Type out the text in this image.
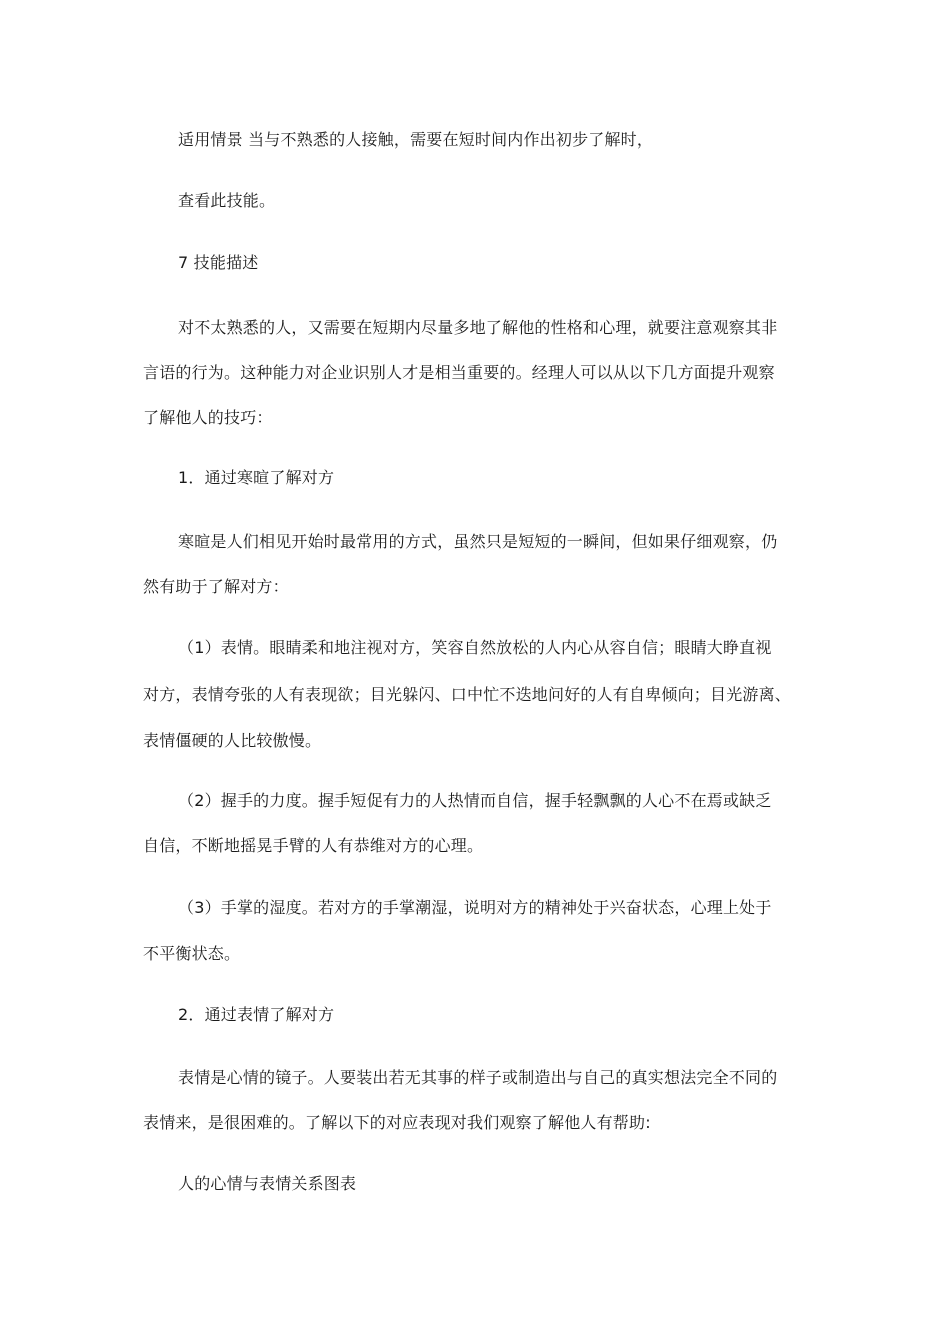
适用情景 当与不熟悉的人接触，需要在短时间内作出初步了解时，
查看此技能。
7 技能描述
对不太熟悉的人，又需要在短期内尽量多地了解他的性格和心理，就要注意观察其非
言语的行为。这种能力对企业识别人才是相当重要的。经理人可以从以下几方面提升观察
了解他人的技巧：
1．通过寒暄了解对方
寒暄是人们相见开始时最常用的方式，虽然只是短短的一瞬间，但如果仔细观察，仍
然有助于了解对方：
（1）表情。眼睛柔和地注视对方，笑容自然放松的人内心从容自信；眼睛大睁直视
对方，表情夸张的人有表现欲；目光躲闪、口中忙不迭地问好的人有自卑倾向；目光游离、
表情僵硬的人比较傲慢。
（2）握手的力度。握手短促有力的人热情而自信，握手轻飘飘的人心不在焉或缺乏
自信，不断地摇晃手臂的人有恭维对方的心理。
（3）手掌的湿度。若对方的手掌潮湿，说明对方的精神处于兴奋状态，心理上处于
不平衡状态。
2．通过表情了解对方
表情是心情的镜子。人要装出若无其事的样子或制造出与自己的真实想法完全不同的
表情来，是很困难的。了解以下的对应表现对我们观察了解他人有帮助:
人的心情与表情关系图表
